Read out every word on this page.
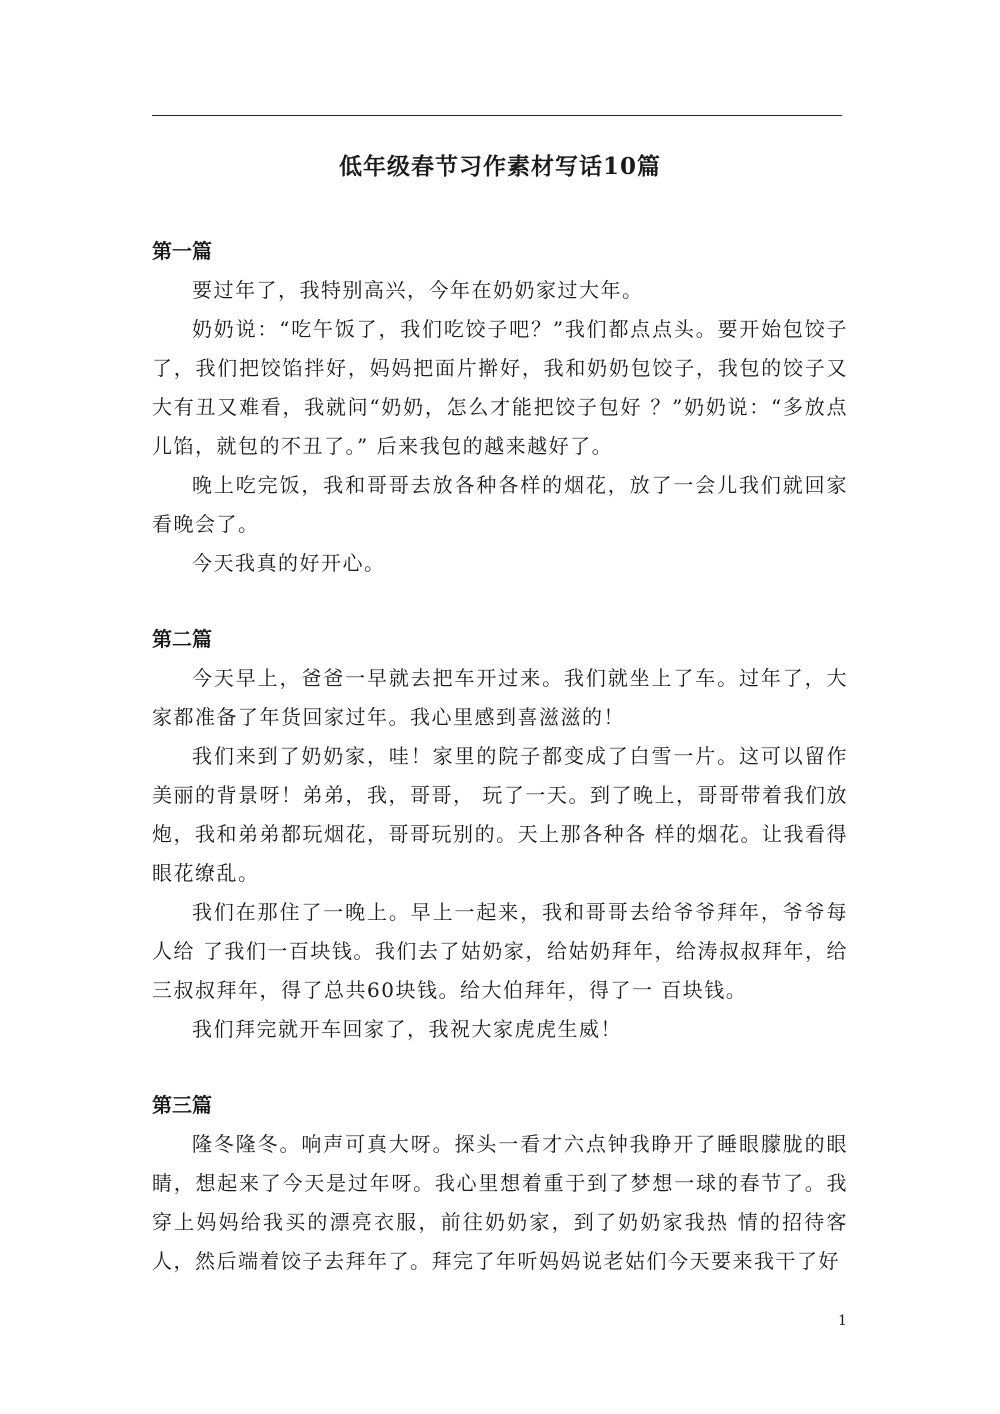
低年级春节习作素材写话10篇
第一篇

要过年了，我特别高兴，今年在奶奶家过大年。

奶奶说：“吃午饭了，我们吃饺子吧？”我们都点点头。要开始包饺子了，我们把饺馅拌好，妈妈把面片擀好，我和奶奶包饺子，我包的饺子又大有丑又难看，我就问“奶奶，怎么才能把饺子包好 ？”奶奶说：“多放点儿馅，就包的不丑了。” 后来我包的越来越好了。

晚上吃完饭，我和哥哥去放各种各样的烟花，放了一会儿我们就回家看晚会了。

今天我真的好开心。

第二篇

今天早上，爸爸一早就去把车开过来。我们就坐上了车。过年了，大家都准备了年货回家过年。我心里感到喜滋滋的！

我们来到了奶奶家，哇！家里的院子都变成了白雪一片。这可以留作美丽的背景呀！弟弟，我，哥哥， 玩了一天。到了晚上，哥哥带着我们放炮，我和弟弟都玩烟花，哥哥玩别的。天上那各种各 样的烟花。让我看得眼花缭乱。

我们在那住了一晚上。早上一起来，我和哥哥去给爷爷拜年，爷爷每人给 了我们一百块钱。我们去了姑奶家，给姑奶拜年，给涛叔叔拜年，给三叔叔拜年，得了总共60块钱。给大伯拜年，得了一 百块钱。

我们拜完就开车回家了，我祝大家虎虎生威！

第三篇

隆冬隆冬。响声可真大呀。探头一看才六点钟我睁开了睡眼朦胧的眼睛，想起来了今天是过年呀。我心里想着重于到了梦想一球的春节了。我穿上妈妈给我买的漂亮衣服，前往奶奶家，到了奶奶家我热 情的招待客人，然后端着饺子去拜年了。拜完了年听妈妈说老姑们今天要来我干了好

1
